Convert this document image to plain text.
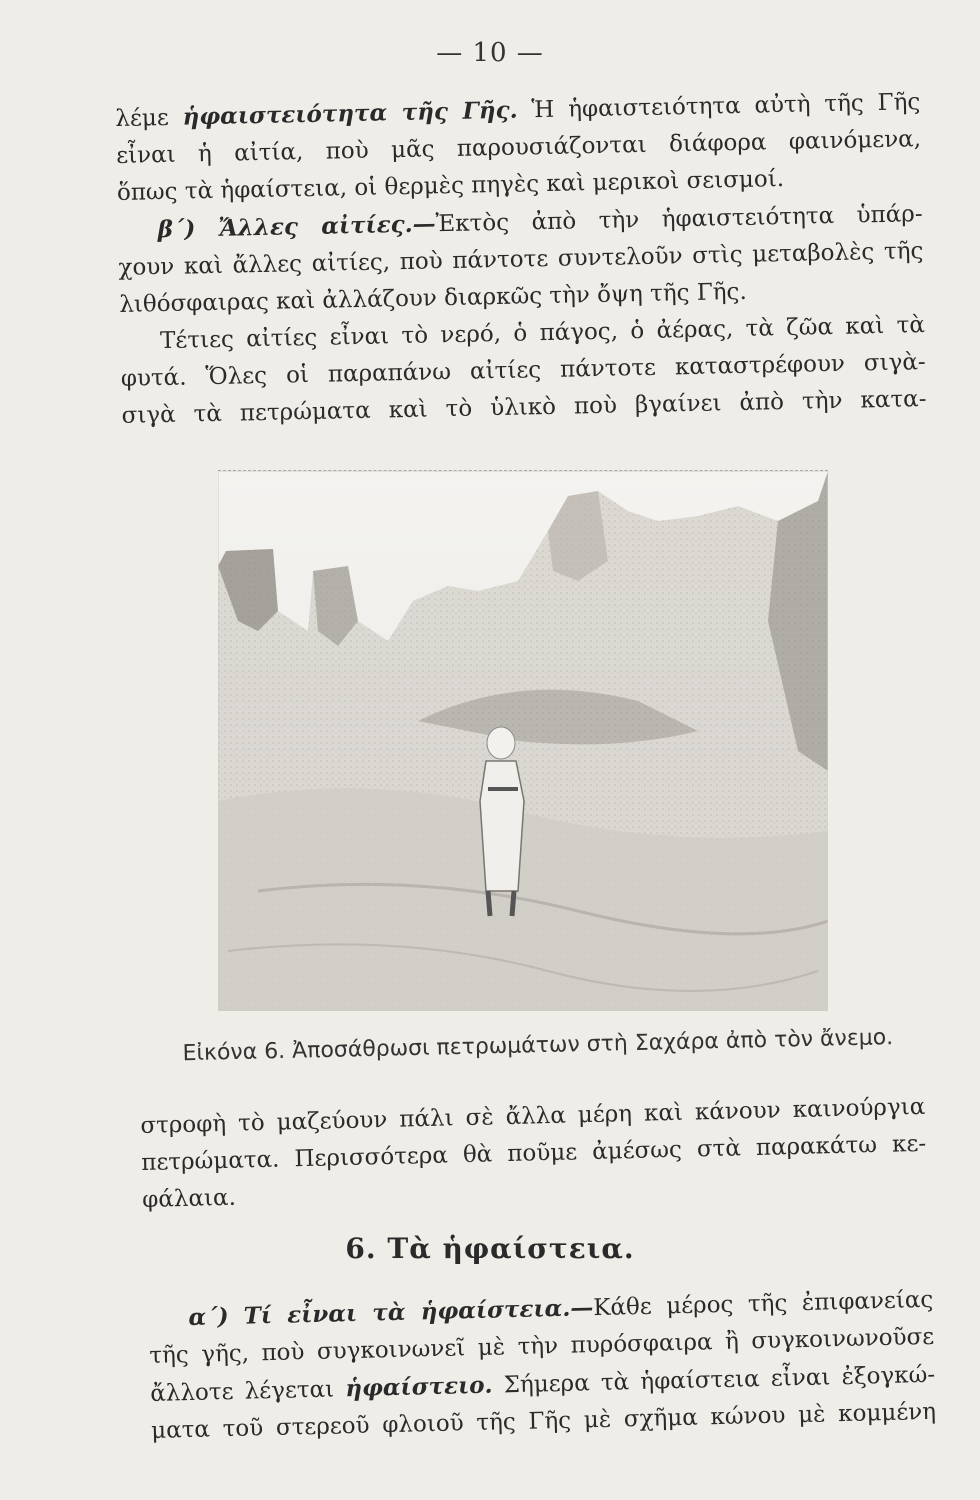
— 10 —
λέμε ἡφαιστειότητα τῆς Γῆς. Ἡ ἡφαιστειότητα αὐτὴ τῆς Γῆς
εἶναι ἡ αἰτία, ποὺ μᾶς παρουσιάζονται διάφορα φαινόμενα,
ὅπως τὰ ἡφαίστεια, οἱ θερμὲς πηγὲς καὶ μερικοὶ σεισμοί.
β΄) Ἄλλες αἰτίες.—Ἐκτὸς ἀπὸ τὴν ἡφαιστειότητα ὑπάρ-
χουν καὶ ἄλλες αἰτίες, ποὺ πάντοτε συντελοῦν στὶς μεταβολὲς τῆς
λιθόσφαιρας καὶ ἀλλάζουν διαρκῶς τὴν ὄψη τῆς Γῆς.
Τέτιες αἰτίες εἶναι τὸ νερό, ὁ πάγος, ὁ ἀέρας, τὰ ζῶα καὶ τὰ
φυτά. Ὅλες οἱ παραπάνω αἰτίες πάντοτε καταστρέφουν σιγὰ-
σιγὰ τὰ πετρώματα καὶ τὸ ὑλικὸ ποὺ βγαίνει ἀπὸ τὴν κατα-
Εἰκόνα 6. Ἀποσάθρωσι πετρωμάτων στὴ Σαχάρα ἀπὸ τὸν ἄνεμο.
στροφὴ τὸ μαζεύουν πάλι σὲ ἄλλα μέρη καὶ κάνουν καινούργια
πετρώματα. Περισσότερα θὰ ποῦμε ἀμέσως στὰ παρακάτω κε-
φάλαια.
6. Τὰ ἡφαίστεια.
α΄) Τί εἶναι τὰ ἡφαίστεια.—Κάθε μέρος τῆς ἐπιφανείας
τῆς γῆς, ποὺ συγκοινωνεῖ μὲ τὴν πυρόσφαιρα ἢ συγκοινωνοῦσε
ἄλλοτε λέγεται ἡφαίστειο. Σήμερα τὰ ἡφαίστεια εἶναι ἐξογκώ-
ματα τοῦ στερεοῦ φλοιοῦ τῆς Γῆς μὲ σχῆμα κώνου μὲ κομμένη
